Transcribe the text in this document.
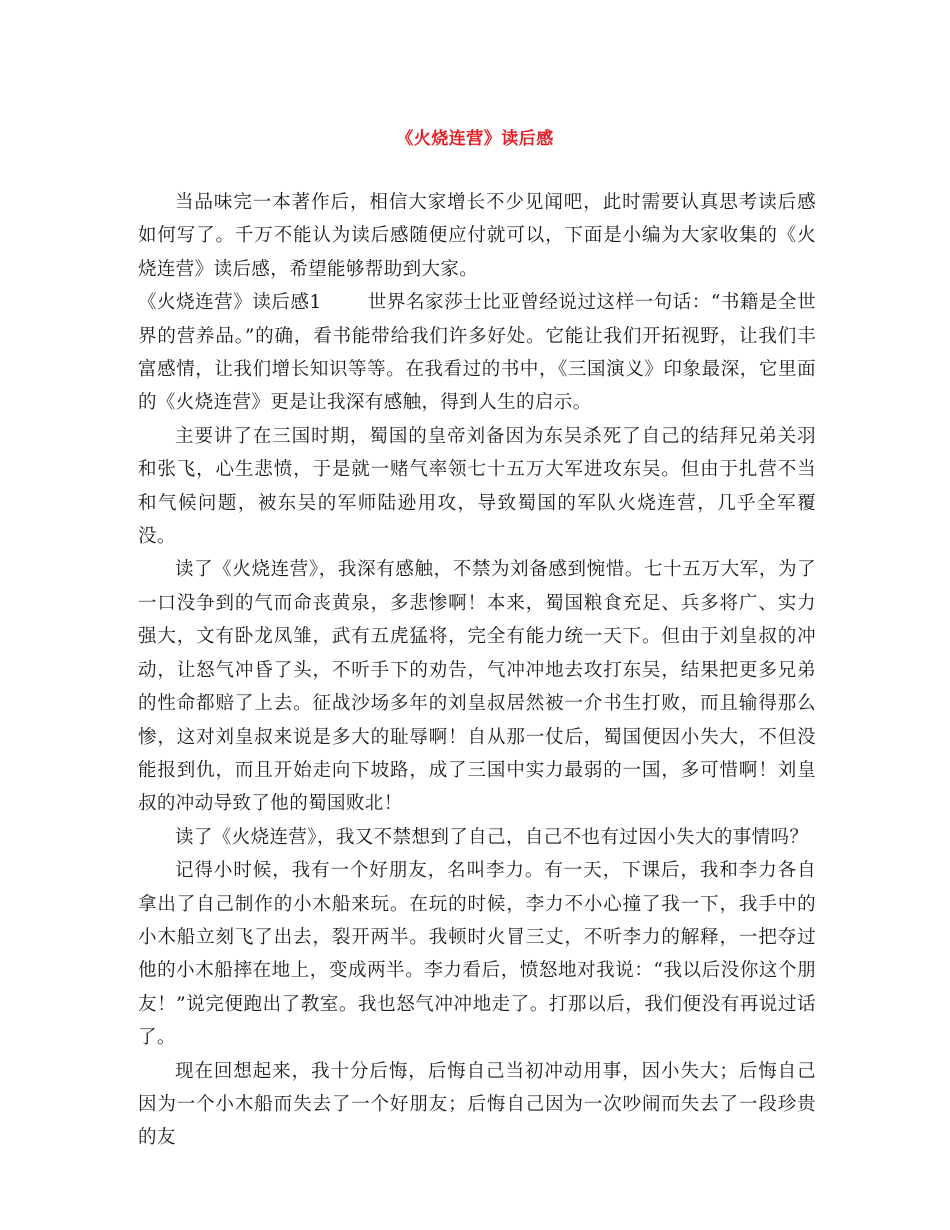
《火烧连营》读后感

当品味完一本著作后，相信大家增长不少见闻吧，此时需要认真思考读后感如何写了。千万不能认为读后感随便应付就可以，下面是小编为大家收集的《火烧连营》读后感，希望能够帮助到大家。

《火烧连营》读后感1 世界名家莎士比亚曾经说过这样一句话：“书籍是全世界的营养品。”的确，看书能带给我们许多好处。它能让我们开拓视野，让我们丰富感情，让我们增长知识等等。在我看过的书中，《三国演义》印象最深，它里面的《火烧连营》更是让我深有感触，得到人生的启示。

主要讲了在三国时期，蜀国的皇帝刘备因为东吴杀死了自己的结拜兄弟关羽和张飞，心生悲愤，于是就一赌气率领七十五万大军进攻东吴。但由于扎营不当和气候问题，被东吴的军师陆逊用攻，导致蜀国的军队火烧连营，几乎全军覆没。

读了《火烧连营》，我深有感触，不禁为刘备感到惋惜。七十五万大军，为了一口没争到的气而命丧黄泉，多悲惨啊！本来，蜀国粮食充足、兵多将广、实力强大，文有卧龙凤雏，武有五虎猛将，完全有能力统一天下。但由于刘皇叔的冲动，让怒气冲昏了头，不听手下的劝告，气冲冲地去攻打东吴，结果把更多兄弟的性命都赔了上去。征战沙场多年的刘皇叔居然被一介书生打败，而且输得那么惨，这对刘皇叔来说是多大的耻辱啊！自从那一仗后，蜀国便因小失大，不但没能报到仇，而且开始走向下坡路，成了三国中实力最弱的一国，多可惜啊！刘皇叔的冲动导致了他的蜀国败北！

读了《火烧连营》，我又不禁想到了自己，自己不也有过因小失大的事情吗？

记得小时候，我有一个好朋友，名叫李力。有一天，下课后，我和李力各自拿出了自己制作的小木船来玩。在玩的时候，李力不小心撞了我一下，我手中的小木船立刻飞了出去，裂开两半。我顿时火冒三丈，不听李力的解释，一把夺过他的小木船摔在地上，变成两半。李力看后，愤怒地对我说：“我以后没你这个朋友！”说完便跑出了教室。我也怒气冲冲地走了。打那以后，我们便没有再说过话了。

现在回想起来，我十分后悔，后悔自己当初冲动用事，因小失大；后悔自己因为一个小木船而失去了一个好朋友；后悔自己因为一次吵闹而失去了一段珍贵的友
